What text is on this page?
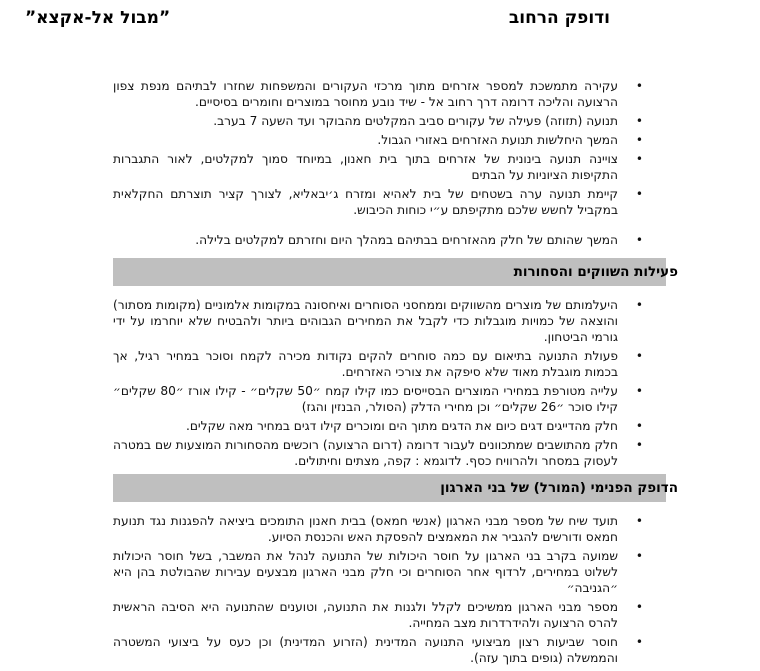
ודופק הרחוב
”מבול אל-אקצא”
•
עקירה מתמשכת למספר אזרחים מתוך מרכזי העקורים והמשפחות שחזרו לבתיהם מנפת צפון הרצועה והליכה דרומה דרך רחוב אל - שיד נובע מחוסר במוצרים וחומרים בסיסיים.
•
תנועה (תזוזה) פעילה של עקורים סביב המקלטים מהבוקר ועד השעה 7 בערב.
•
המשך היחלשות תנועת האזרחים באזורי הגבול.
•
צויינה תנועה בינונית של אזרחים בתוך בית חאנון, במיוחד סמוך למקלטים, לאור התגברות התקיפות הציוניות על הבתים
•
קיימת תנועה ערה בשטחים של בית לאהיא ומזרח ג׳יבאליא, לצורך קציר תוצרתם החקלאית במקביל לחשש שלכם מתקיפתם ע״י כוחות הכיבוש.
•
המשך שהותם של חלק מהאזרחים בבתיהם במהלך היום וחזרתם למקלטים בלילה.
פעילות השווקים והסחורות
•
היעלמותם של מוצרים מהשווקים וממחסני הסוחרים ואיחסונה במקומות אלמוניים (מקומות מסתור) והוצאה של כמויות מוגבלות כדי לקבל את המחירים הגבוהים ביותר ולהבטיח שלא יוחרמו על ידי גורמי הביטחון.
•
פעולת התנועה בתיאום עם כמה סוחרים להקים נקודות מכירה לקמח וסוכר במחיר רגיל, אך בכמות מוגבלת מאוד שלא סיפקה את צורכי האזרחים.
•
עלייה מטורפת במחירי המוצרים הבסייסים כמו קילו קמח ״50 שקלים״ - קילו אורז ״80 שקלים״ קילו סוכר ״26 שקלים״ וכן מחירי הדלק (הסולר, הבנזין והגז)
•
חלק מהדייגים דגים כיום את הדגים מתוך הים ומוכרים קילו דגים במחיר מאה שקלים.
•
חלק מהתושבים שמתכוונים לעבור דרומה (דרום הרצועה) רוכשים מהסחורות המוצעות שם במטרה לעסוק במסחר ולהרוויח כסף. לדוגמא : קפה, מצתים וחיתולים.
הדופק הפנימי (המורל) של בני הארגון
•
תועד שיח של מספר מבני הארגון (אנשי חמאס) בבית חאנון התומכים ביציאה להפגנות נגד תנועת חמאס ודורשים להגביר את המאמצים להפסקת האש והכנסת הסיוע.
•
שמועה בקרב בני הארגון על חוסר היכולות של התנועה לנהל את המשבר, בשל חוסר היכולות לשלוט במחירים, לרדוף אחר הסוחרים וכי חלק מבני הארגון מבצעים עבירות שהבולטת בהן היא ״הגניבה״
•
מספר מבני הארגון ממשיכים לקלל ולגנות את התנועה, וטוענים שהתנועה היא הסיבה הראשית להרס הרצועה ולהידרדרות מצב המחייה.
•
חוסר שביעות רצון מביצועי התנועה המדינית (הזרוע המדינית) וכן כעס על ביצועי המשטרה והממשלה (גופים בתוך עזה).
